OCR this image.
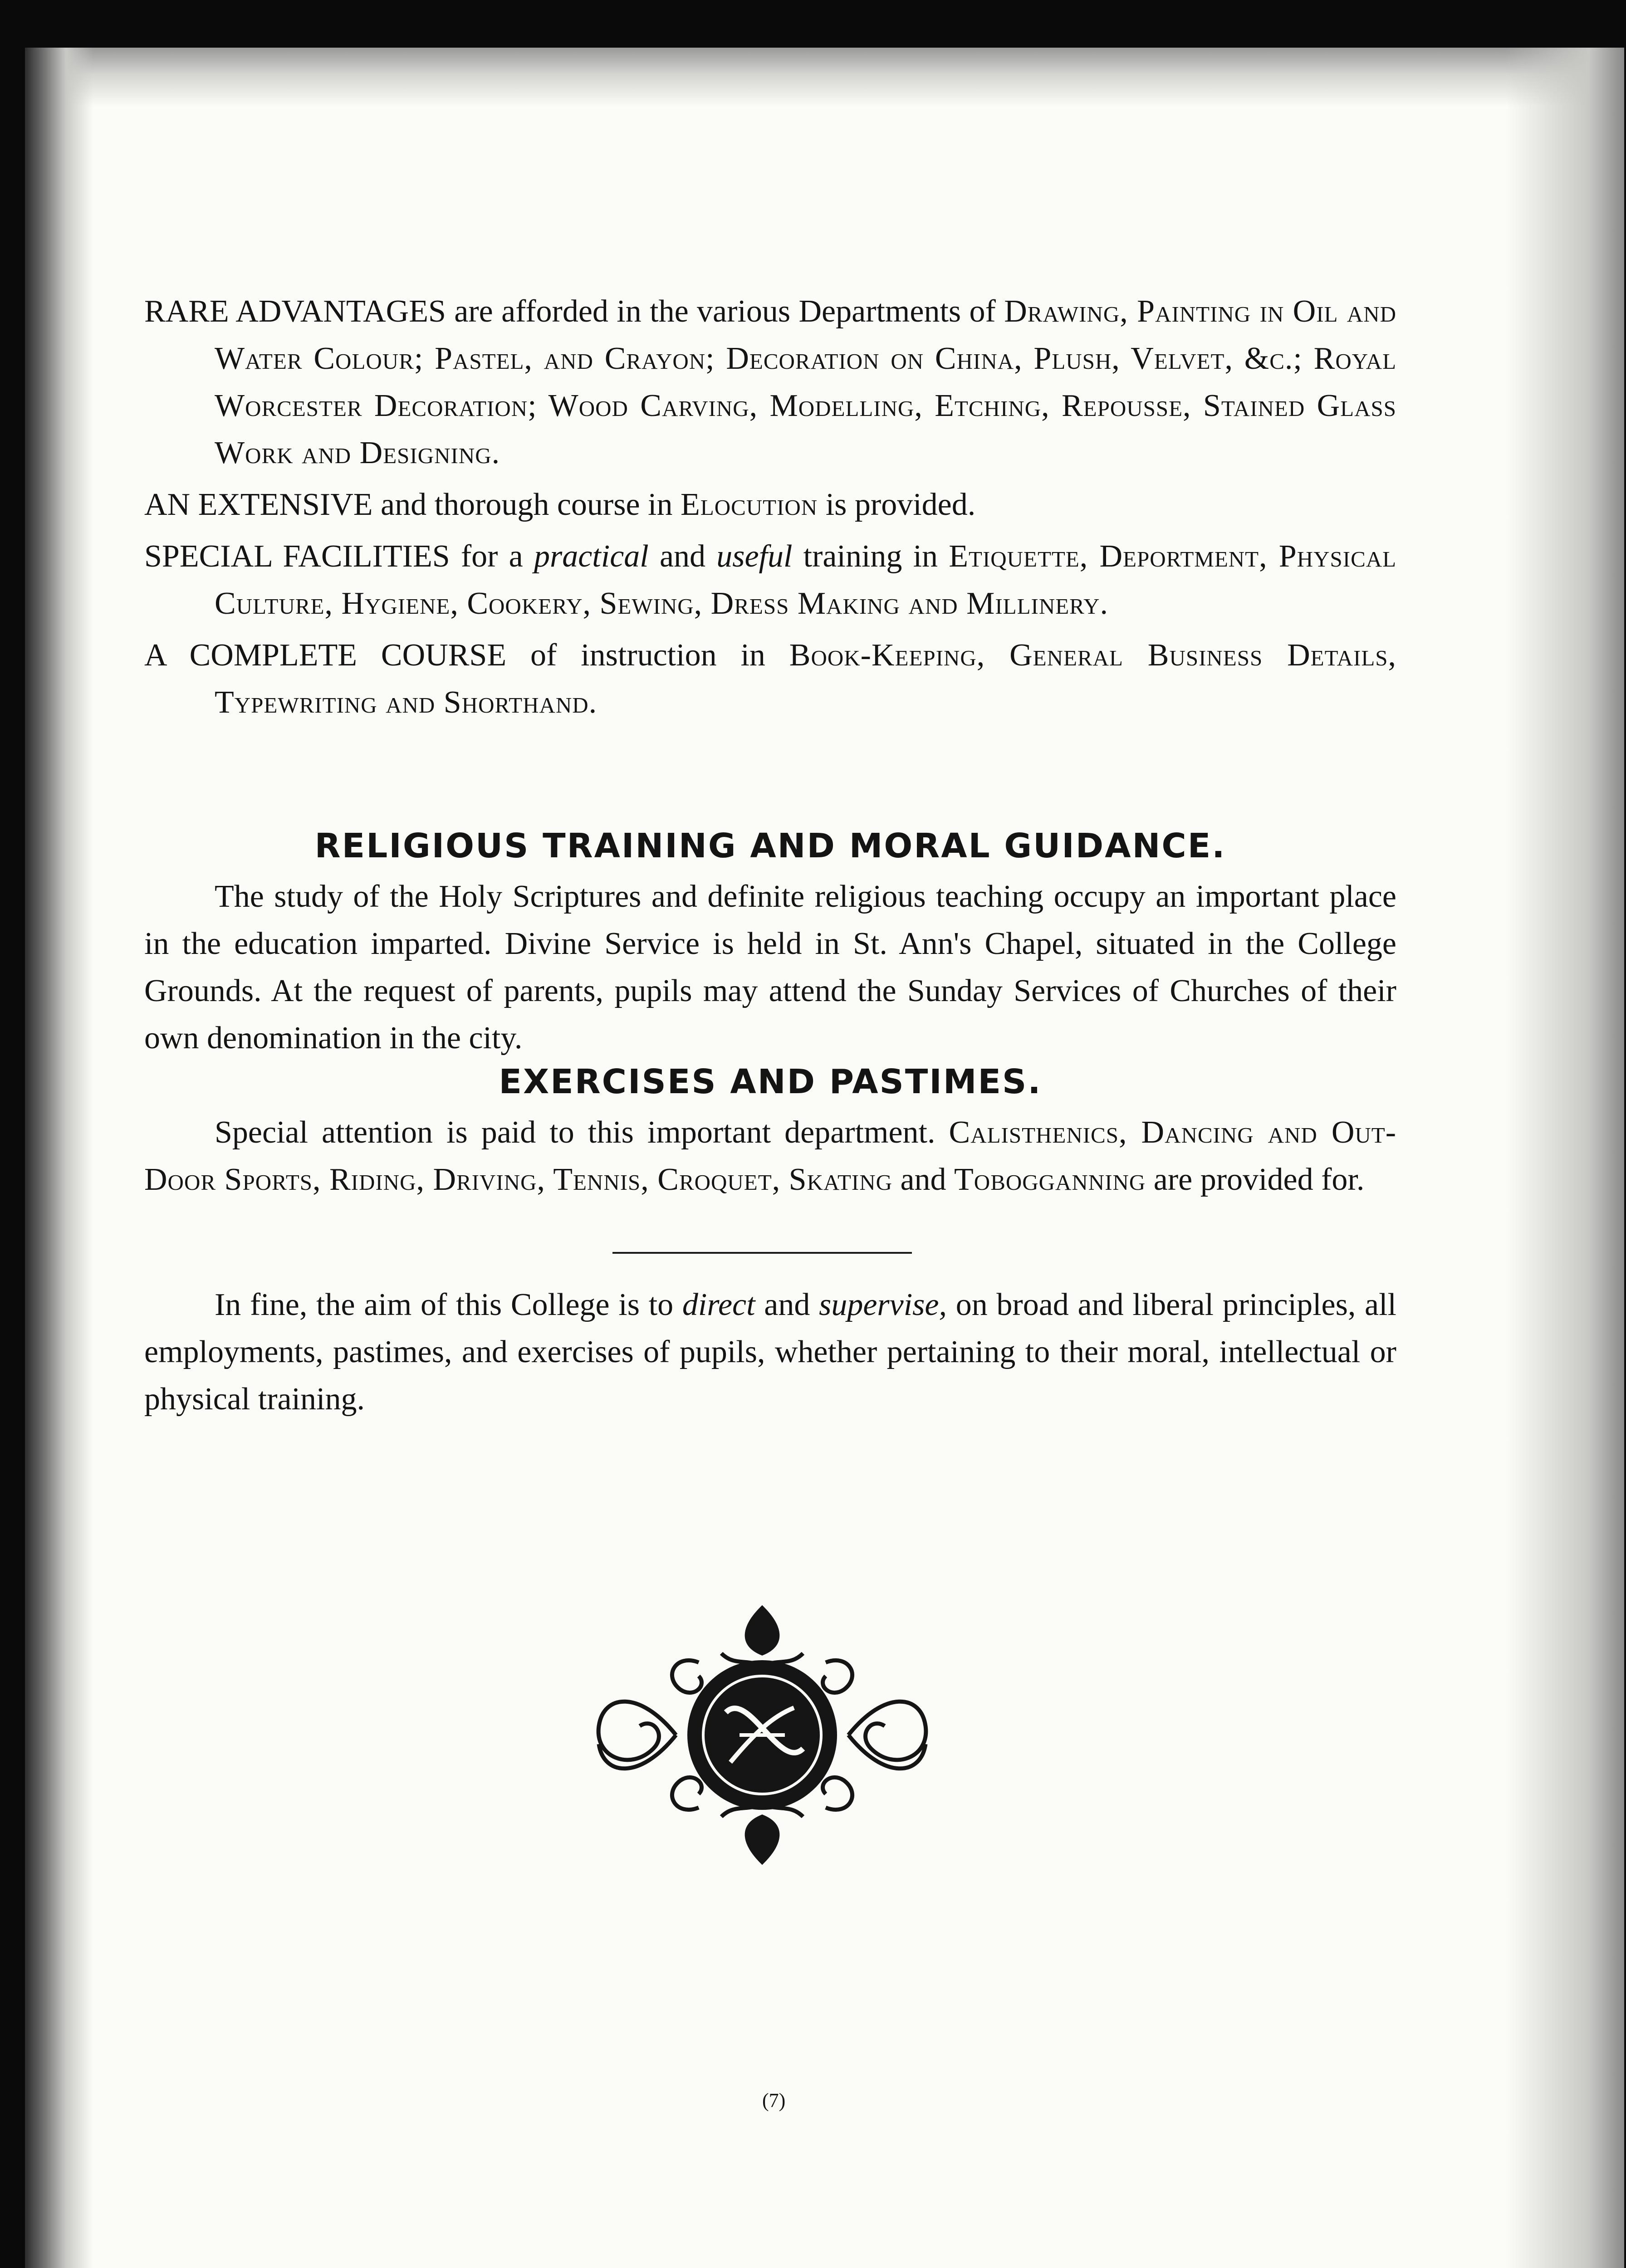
RARE ADVANTAGES are afforded in the various Departments of Drawing, Painting in Oil and Water Colour; Pastel, and Crayon; Decoration on China, Plush, Velvet, &c.; Royal Worcester Decoration; Wood Carving, Modelling, Etching, Repousse, Stained Glass Work and Designing.

AN EXTENSIVE and thorough course in Elocution is provided.

SPECIAL FACILITIES for a practical and useful training in Etiquette, Deportment, Physical Culture, Hygiene, Cookery, Sewing, Dress Making and Millinery.

A COMPLETE COURSE of instruction in Book-Keeping, General Business Details, Typewriting and Shorthand.

RELIGIOUS TRAINING AND MORAL GUIDANCE.

The study of the Holy Scriptures and definite religious teaching occupy an important place in the education imparted. Divine Service is held in St. Ann's Chapel, situated in the College Grounds. At the request of parents, pupils may attend the Sunday Services of Churches of their own denomination in the city.

EXERCISES AND PASTIMES.

Special attention is paid to this important department. Calisthenics, Dancing and Out-Door Sports, Riding, Driving, Tennis, Croquet, Skating and Tobogganning are provided for.

In fine, the aim of this College is to direct and supervise, on broad and liberal principles, all employments, pastimes, and exercises of pupils, whether pertaining to their moral, intellectual or physical training.

(7)
